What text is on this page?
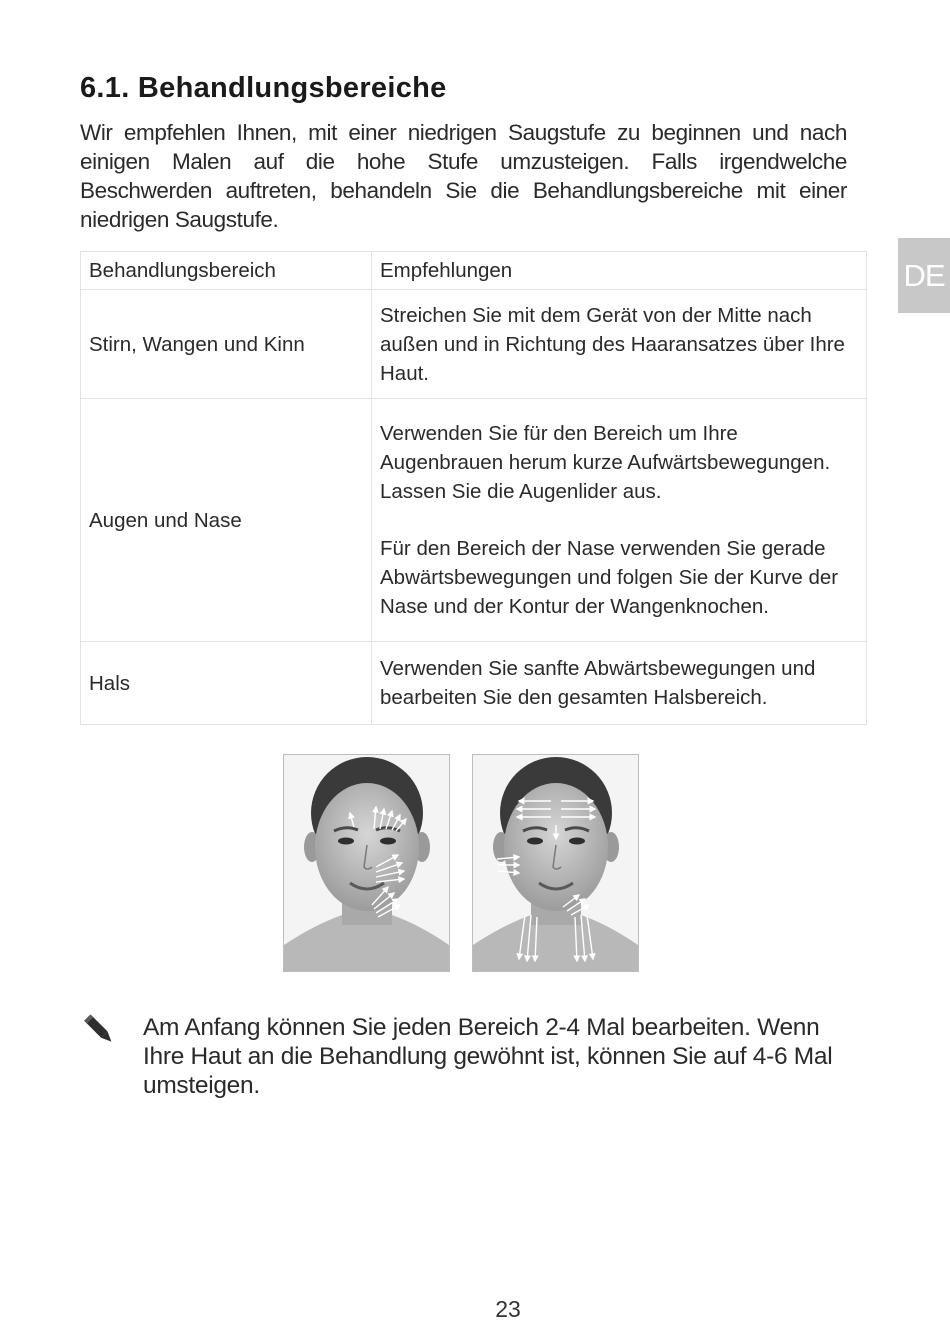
6.1. Behandlungsbereiche
Wir empfehlen Ihnen, mit einer niedrigen Saugstufe zu beginnen und nach einigen Malen auf die hohe Stufe umzusteigen. Falls irgendwelche Beschwerden auftreten, behandeln Sie die Behandlungsbereiche mit einer niedrigen Saugstufe.
DE
Behandlungsbereich	Empfehlungen
Stirn, Wangen und Kinn	Streichen Sie mit dem Gerät von der Mitte nach außen und in Richtung des Haaransatzes über Ihre Haut.

Augen und Nase	Verwenden Sie für den Bereich um Ihre Augenbrauen herum kurze Aufwärtsbewegungen. Lassen Sie die Augenlider aus.

Für den Bereich der Nase verwenden Sie gerade Abwärtsbewegungen und folgen Sie der Kurve der Nase und der Kontur der Wangenknochen.

Hals	Verwenden Sie sanfte Abwärtsbewegungen und bearbeiten Sie den gesamten Halsbereich.

Am Anfang können Sie jeden Bereich 2-4 Mal bearbeiten. Wenn Ihre Haut an die Behandlung gewöhnt ist, können Sie auf 4-6 Mal umsteigen.
23
